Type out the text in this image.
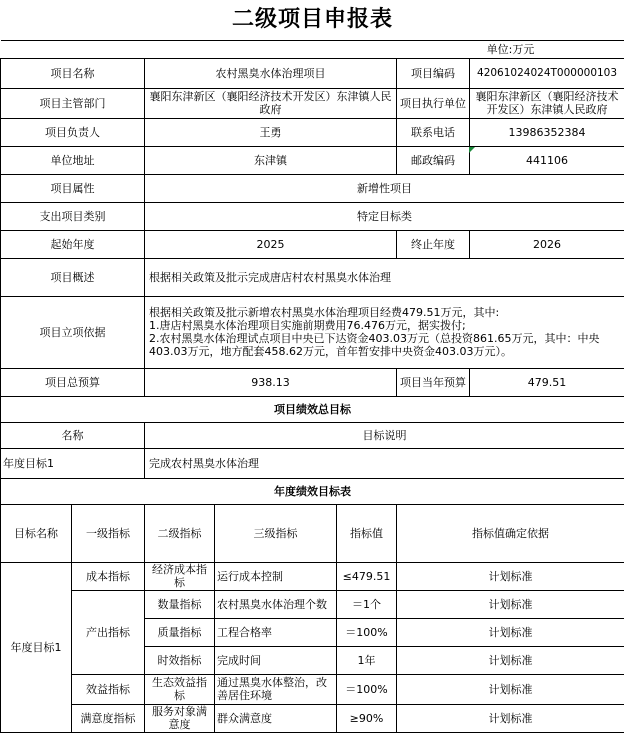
二级项目申报表						
					单位:万元	
项目名称		农村黑臭水体治理项目			项目编码	42061024024T000000103
项目主管部门		襄阳东津新区（襄阳经济技术开发区）东津镇人民政府			项目执行单位	襄阳东津新区（襄阳经济技术开发区）东津镇人民政府
项目负责人		王勇			联系电话	13986352384
单位地址		东津镇			邮政编码	441106
项目属性		新增性项目				
支出项目类别		特定目标类				
起始年度		2025			终止年度	2026
项目概述		根据相关政策及批示完成唐店村农村黑臭水体治理				
项目立项依据		根据相关政策及批示新增农村黑臭水体治理项目经费479.51万元，其中:
1.唐店村黑臭水体治理项目实施前期费用76.476万元，据实拨付;
2.农村黑臭水体治理试点项目中央已下达资金403.03万元（总投资861.65万元，其中：中央403.03万元，地方配套458.62万元，首年暂安排中央资金403.03万元）。				

项目总预算		938.13			项目当年预算	479.51
项目绩效总目标						
名称		目标说明				
年度目标1		完成农村黑臭水体治理				
年度绩效目标表						
目标名称	一级指标	二级指标	三级指标	指标值	指标值确定依据	
年度目标1	成本指标	经济成本指标	运行成本控制	≤479.51	计划标准	
	产出指标	数量指标	农村黑臭水体治理个数	＝1个	计划标准	
		质量指标	工程合格率	＝100%	计划标准	
		时效指标	完成时间	1年	计划标准	
	效益指标	生态效益指标	通过黑臭水体整治，改善居住环境	＝100%	计划标准	
	满意度指标	服务对象满意度	群众满意度	≥90%	计划标准	
